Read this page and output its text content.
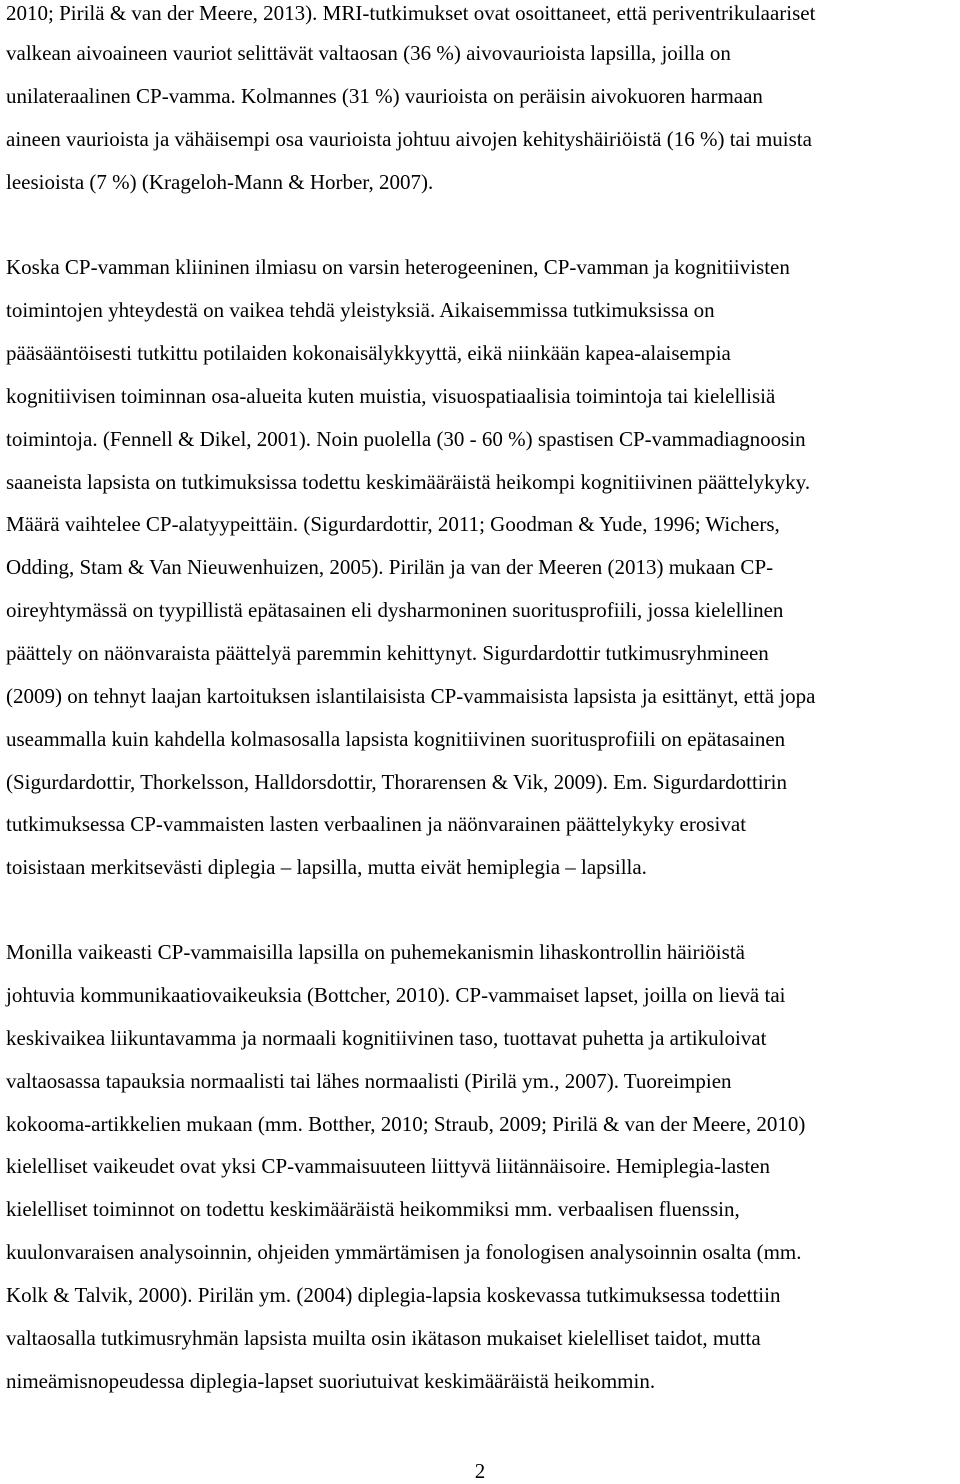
2010; Pirilä & van der Meere, 2013). MRI-tutkimukset ovat osoittaneet, että periventrikulaariset
valkean aivoaineen vauriot selittävät valtaosan (36 %) aivovaurioista lapsilla, joilla on
unilateraalinen CP-vamma. Kolmannes (31 %) vaurioista on peräisin aivokuoren harmaan
aineen vaurioista ja vähäisempi osa vaurioista johtuu aivojen kehityshäiriöistä (16 %) tai muista
leesioista (7 %) (Krageloh-Mann & Horber, 2007).
Koska CP-vamman kliininen ilmiasu on varsin heterogeeninen, CP-vamman ja kognitiivisten
toimintojen yhteydestä on vaikea tehdä yleistyksiä. Aikaisemmissa tutkimuksissa on
pääsääntöisesti tutkittu potilaiden kokonaisälykkyyttä, eikä niinkään kapea-alaisempia
kognitiivisen toiminnan osa-alueita kuten muistia, visuospatiaalisia toimintoja tai kielellisiä
toimintoja. (Fennell & Dikel, 2001). Noin puolella (30 - 60 %) spastisen CP-vammadiagnoosin
saaneista lapsista on tutkimuksissa todettu keskimääräistä heikompi kognitiivinen päättelykyky.
Määrä vaihtelee CP-alatyypeittäin. (Sigurdardottir, 2011; Goodman & Yude, 1996; Wichers,
Odding, Stam & Van Nieuwenhuizen, 2005). Pirilän ja van der Meeren (2013) mukaan CP-
oireyhtymässä on tyypillistä epätasainen eli dysharmoninen suoritusprofiili, jossa kielellinen
päättely on näönvaraista päättelyä paremmin kehittynyt. Sigurdardottir tutkimusryhmineen
(2009) on tehnyt laajan kartoituksen islantilaisista CP-vammaisista lapsista ja esittänyt, että jopa
useammalla kuin kahdella kolmasosalla lapsista kognitiivinen suoritusprofiili on epätasainen
(Sigurdardottir, Thorkelsson, Halldorsdottir, Thorarensen & Vik, 2009). Em. Sigurdardottirin
tutkimuksessa CP-vammaisten lasten verbaalinen ja näönvarainen päättelykyky erosivat
toisistaan merkitsevästi diplegia – lapsilla, mutta eivät hemiplegia – lapsilla.
Monilla vaikeasti CP-vammaisilla lapsilla on puhemekanismin lihaskontrollin häiriöistä
johtuvia kommunikaatiovaikeuksia (Bottcher, 2010). CP-vammaiset lapset, joilla on lievä tai
keskivaikea liikuntavamma ja normaali kognitiivinen taso, tuottavat puhetta ja artikuloivat
valtaosassa tapauksia normaalisti tai lähes normaalisti (Pirilä ym., 2007). Tuoreimpien
kokooma-artikkelien mukaan (mm. Botther, 2010; Straub, 2009; Pirilä & van der Meere, 2010)
kielelliset vaikeudet ovat yksi CP-vammaisuuteen liittyvä liitännäisoire. Hemiplegia-lasten
kielelliset toiminnot on todettu keskimääräistä heikommiksi mm. verbaalisen fluenssin,
kuulonvaraisen analysoinnin, ohjeiden ymmärtämisen ja fonologisen analysoinnin osalta (mm.
Kolk & Talvik, 2000). Pirilän ym. (2004) diplegia-lapsia koskevassa tutkimuksessa todettiin
valtaosalla tutkimusryhmän lapsista muilta osin ikätason mukaiset kielelliset taidot, mutta
nimeämisnopeudessa diplegia-lapset suoriutuivat keskimääräistä heikommin.
2
